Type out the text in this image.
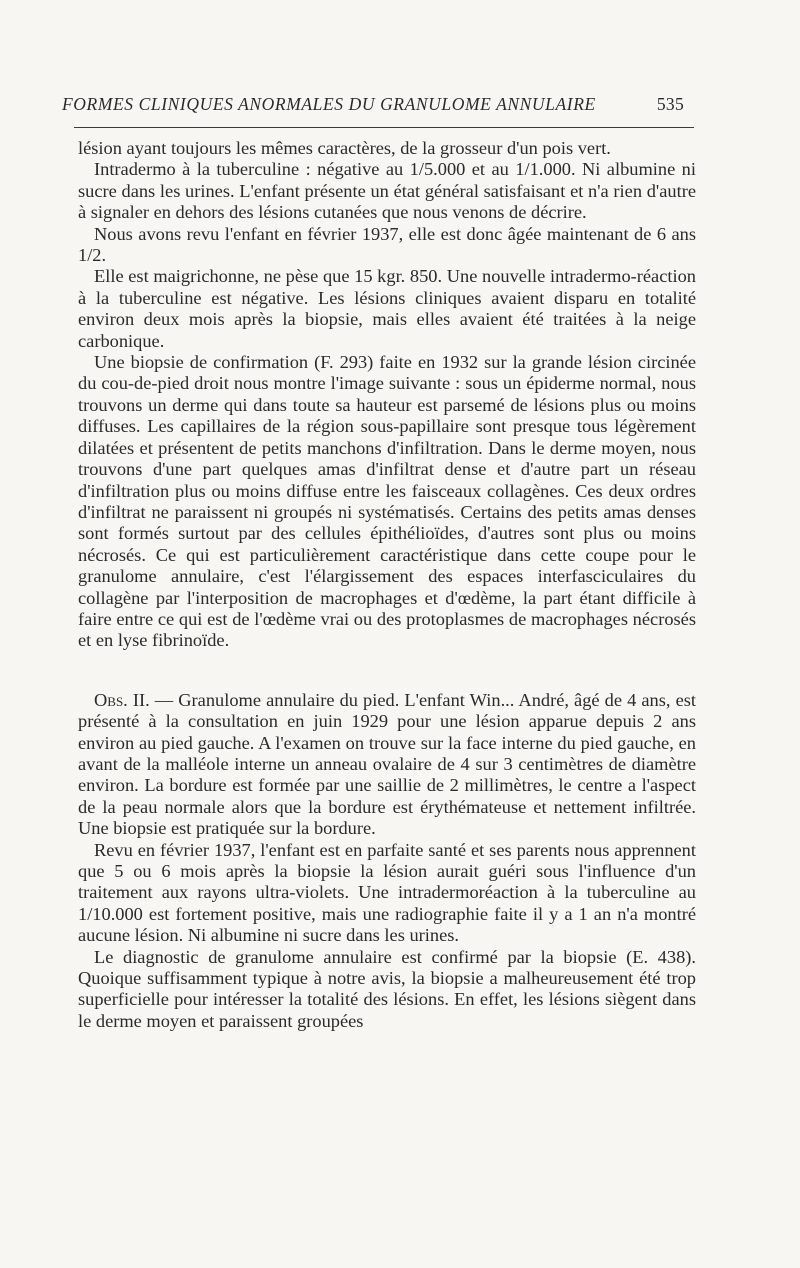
FORMES CLINIQUES ANORMALES DU GRANULOME ANNULAIRE	535

lésion ayant toujours les mêmes caractères, de la grosseur d'un pois vert.

Intradermo à la tuberculine : négative au 1/5.000 et au 1/1.000. Ni albumine ni sucre dans les urines. L'enfant présente un état général satisfaisant et n'a rien d'autre à signaler en dehors des lésions cutanées que nous venons de décrire.

Nous avons revu l'enfant en février 1937, elle est donc âgée maintenant de 6 ans 1/2.

Elle est maigrichonne, ne pèse que 15 kgr. 850. Une nouvelle intradermo-réaction à la tuberculine est négative. Les lésions cliniques avaient disparu en totalité environ deux mois après la biopsie, mais elles avaient été traitées à la neige carbonique.

Une biopsie de confirmation (F. 293) faite en 1932 sur la grande lésion circinée du cou-de-pied droit nous montre l'image suivante : sous un épiderme normal, nous trouvons un derme qui dans toute sa hauteur est parsemé de lésions plus ou moins diffuses. Les capillaires de la région sous-papillaire sont presque tous légèrement dilatées et présentent de petits manchons d'infiltration. Dans le derme moyen, nous trouvons d'une part quelques amas d'infiltrat dense et d'autre part un réseau d'infiltration plus ou moins diffuse entre les faisceaux collagènes. Ces deux ordres d'infiltrat ne paraissent ni groupés ni systématisés. Certains des petits amas denses sont formés surtout par des cellules épithélioïdes, d'autres sont plus ou moins nécrosés. Ce qui est particulièrement caractéristique dans cette coupe pour le granulome annulaire, c'est l'élargissement des espaces interfasciculaires du collagène par l'interposition de macrophages et d'œdème, la part étant difficile à faire entre ce qui est de l'œdème vrai ou des protoplasmes de macrophages nécrosés et en lyse fibrinoïde.

Obs. II. — Granulome annulaire du pied. L'enfant Win... André, âgé de 4 ans, est présenté à la consultation en juin 1929 pour une lésion apparue depuis 2 ans environ au pied gauche. A l'examen on trouve sur la face interne du pied gauche, en avant de la malléole interne un anneau ovalaire de 4 sur 3 centimètres de diamètre environ. La bordure est formée par une saillie de 2 millimètres, le centre a l'aspect de la peau normale alors que la bordure est érythémateuse et nettement infiltrée. Une biopsie est pratiquée sur la bordure.

Revu en février 1937, l'enfant est en parfaite santé et ses parents nous apprennent que 5 ou 6 mois après la biopsie la lésion aurait guéri sous l'influence d'un traitement aux rayons ultra-violets. Une intradermoréaction à la tuberculine au 1/10.000 est fortement positive, mais une radiographie faite il y a 1 an n'a montré aucune lésion. Ni albumine ni sucre dans les urines.

Le diagnostic de granulome annulaire est confirmé par la biopsie (E. 438). Quoique suffisamment typique à notre avis, la biopsie a malheureusement été trop superficielle pour intéresser la totalité des lésions. En effet, les lésions siègent dans le derme moyen et paraissent groupées
